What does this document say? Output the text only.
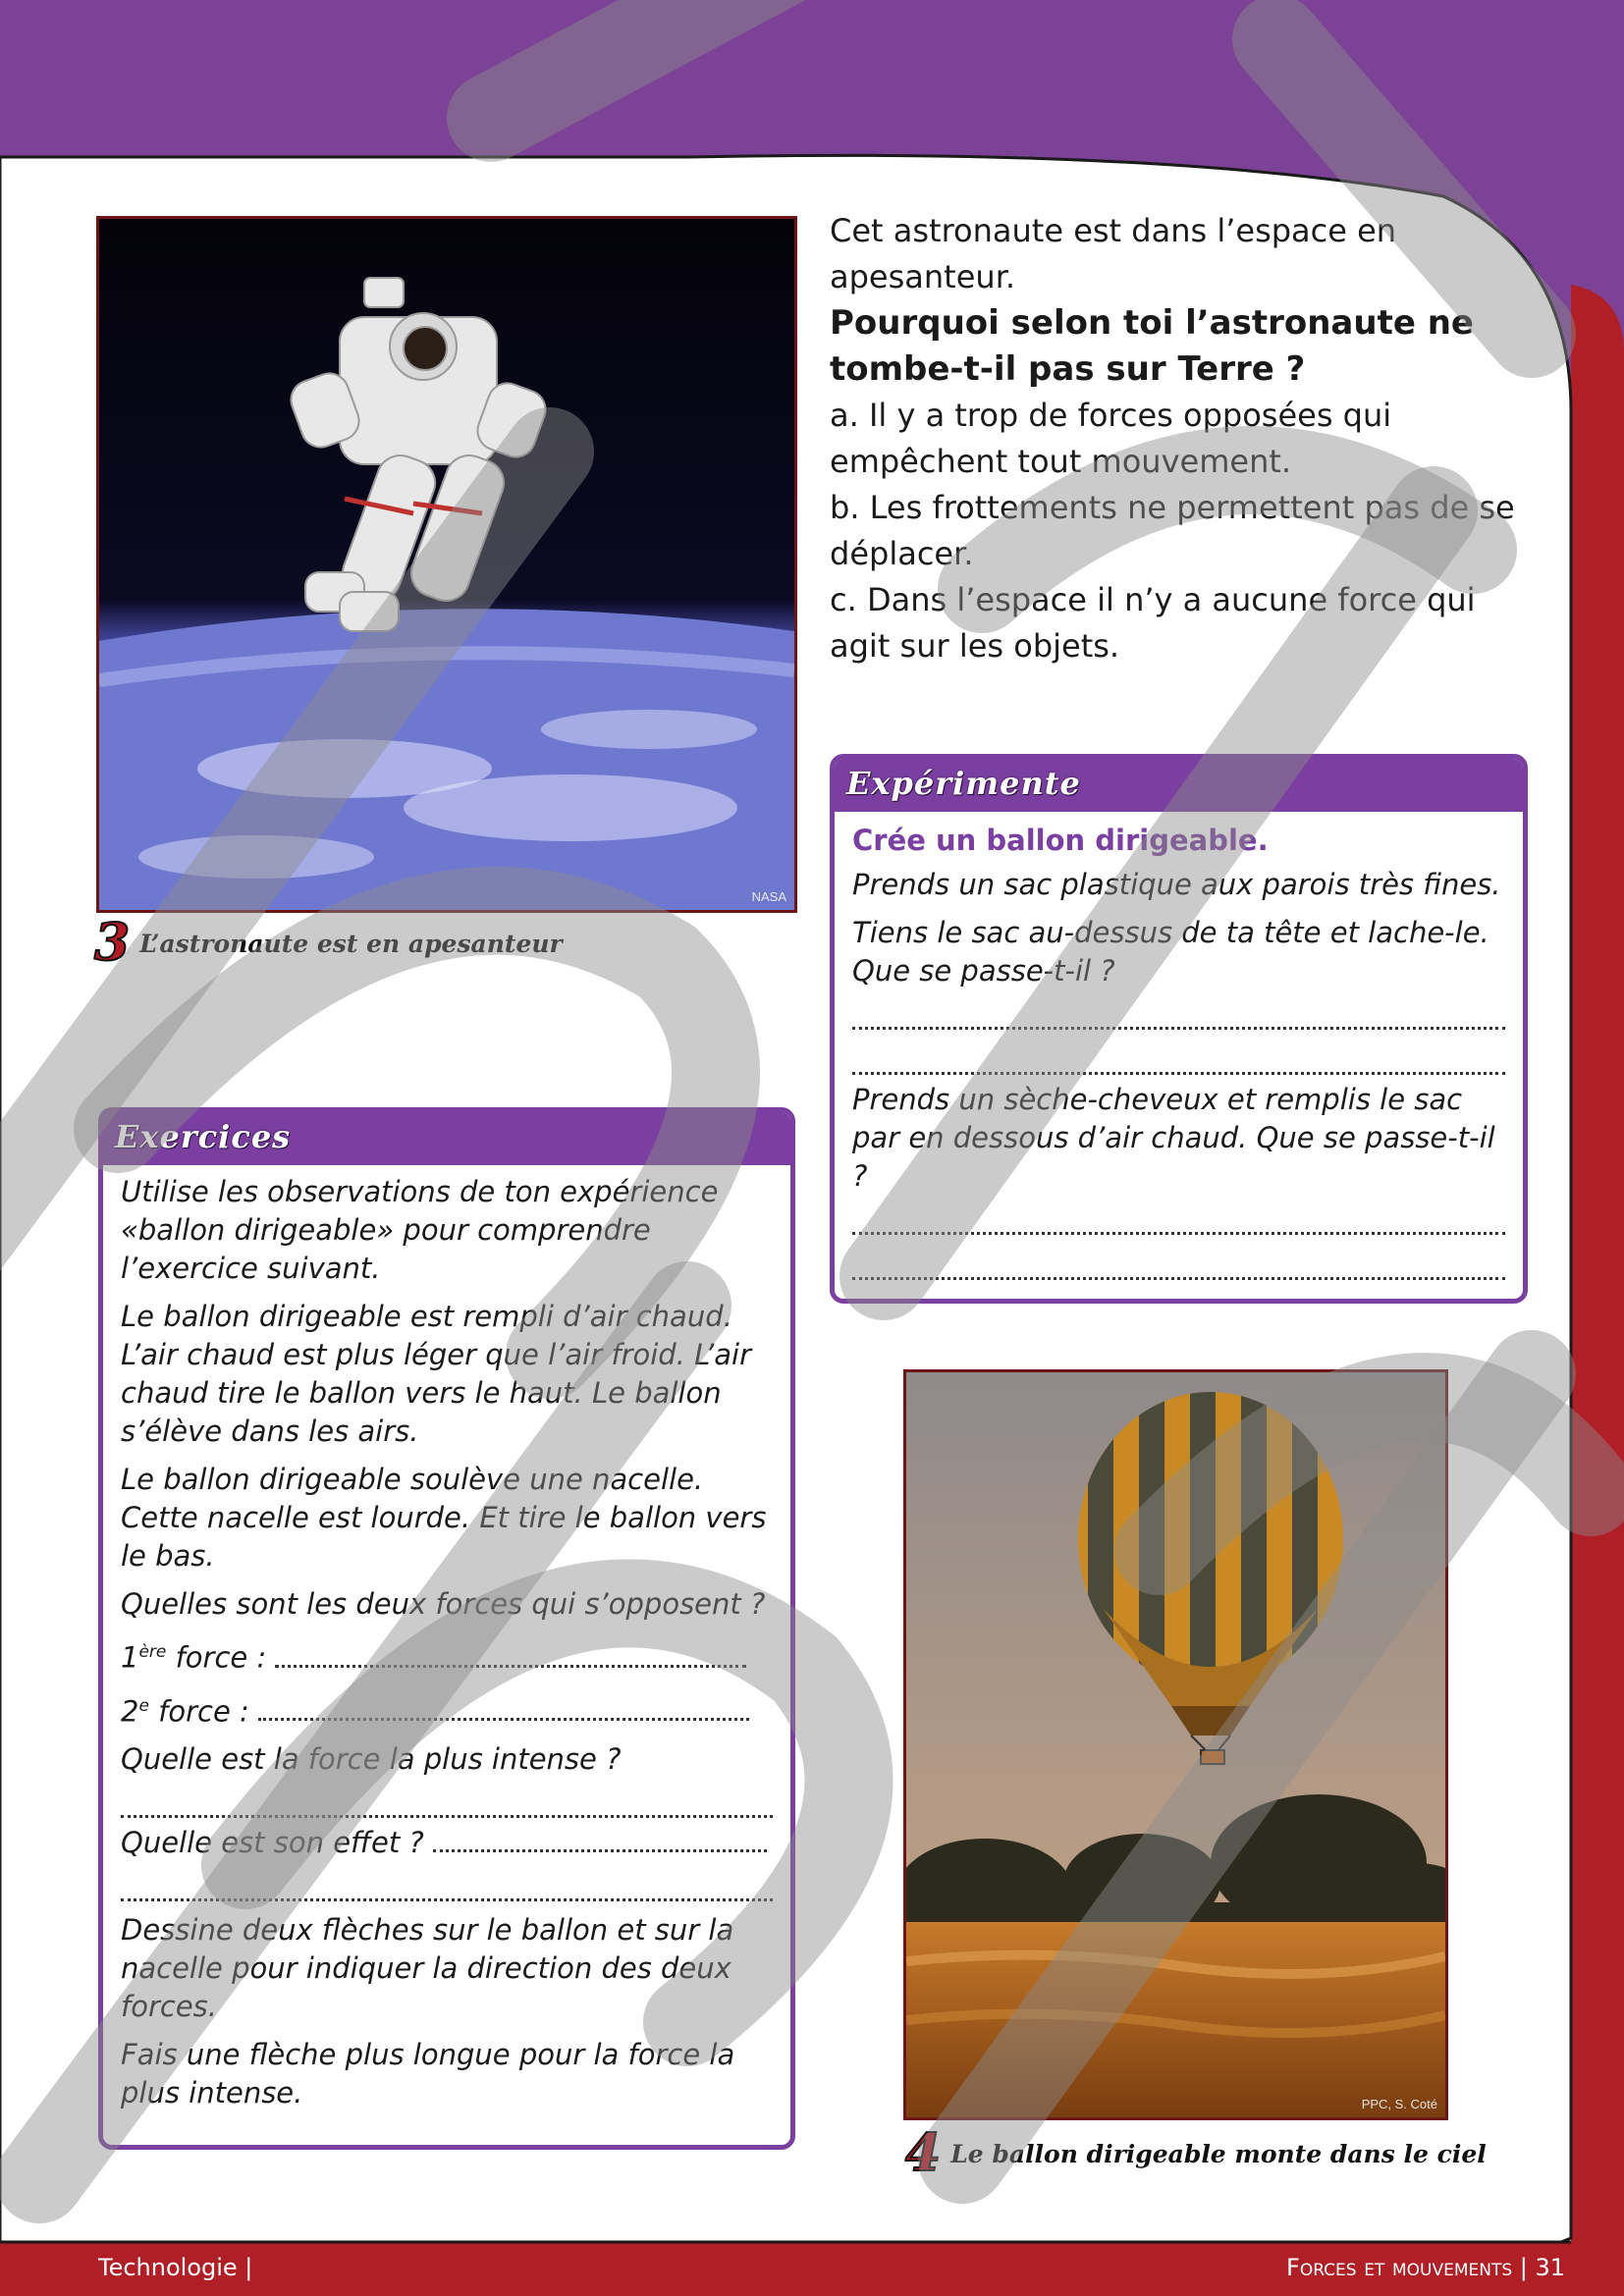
NASA
3 L’astronaute est en apesanteur
Cet astronaute est dans l’espace en apesanteur.
Pourquoi selon toi l’astronaute ne tombe-t-il pas sur Terre ?
a. Il y a trop de forces opposées qui empêchent tout mouvement.
b. Les frottements ne permettent pas de se déplacer.
c. Dans l’espace il n’y a aucune force qui agit sur les objets.
Expérimente

Crée un ballon dirigeable.

Prends un sac plastique aux parois très fines.

Tiens le sac au-dessus de ta tête et lache-le. Que se passe-t-il ?

Prends un sèche-cheveux et remplis le sac par en dessous d’air chaud. Que se passe-t-il ?

Exercices

Utilise les observations de ton expérience «ballon dirigeable» pour comprendre l’exercice suivant.

Le ballon dirigeable est rempli d’air chaud. L’air chaud est plus léger que l’air froid. L’air chaud tire le ballon vers le haut. Le ballon s’élève dans les airs.

Le ballon dirigeable soulève une nacelle. Cette nacelle est lourde. Et tire le ballon vers le bas.

Quelles sont les deux forces qui s’opposent ?

1ère force :

2e force :

Quelle est la force la plus intense ?

Quelle est son effet ?

Dessine deux flèches sur le ballon et sur la nacelle pour indiquer la direction des deux forces.

Fais une flèche plus longue pour la force la plus intense.	PPC, S. Coté
4 Le ballon dirigeable monte dans le ciel
Technologie |	Forces et mouvements | 31
